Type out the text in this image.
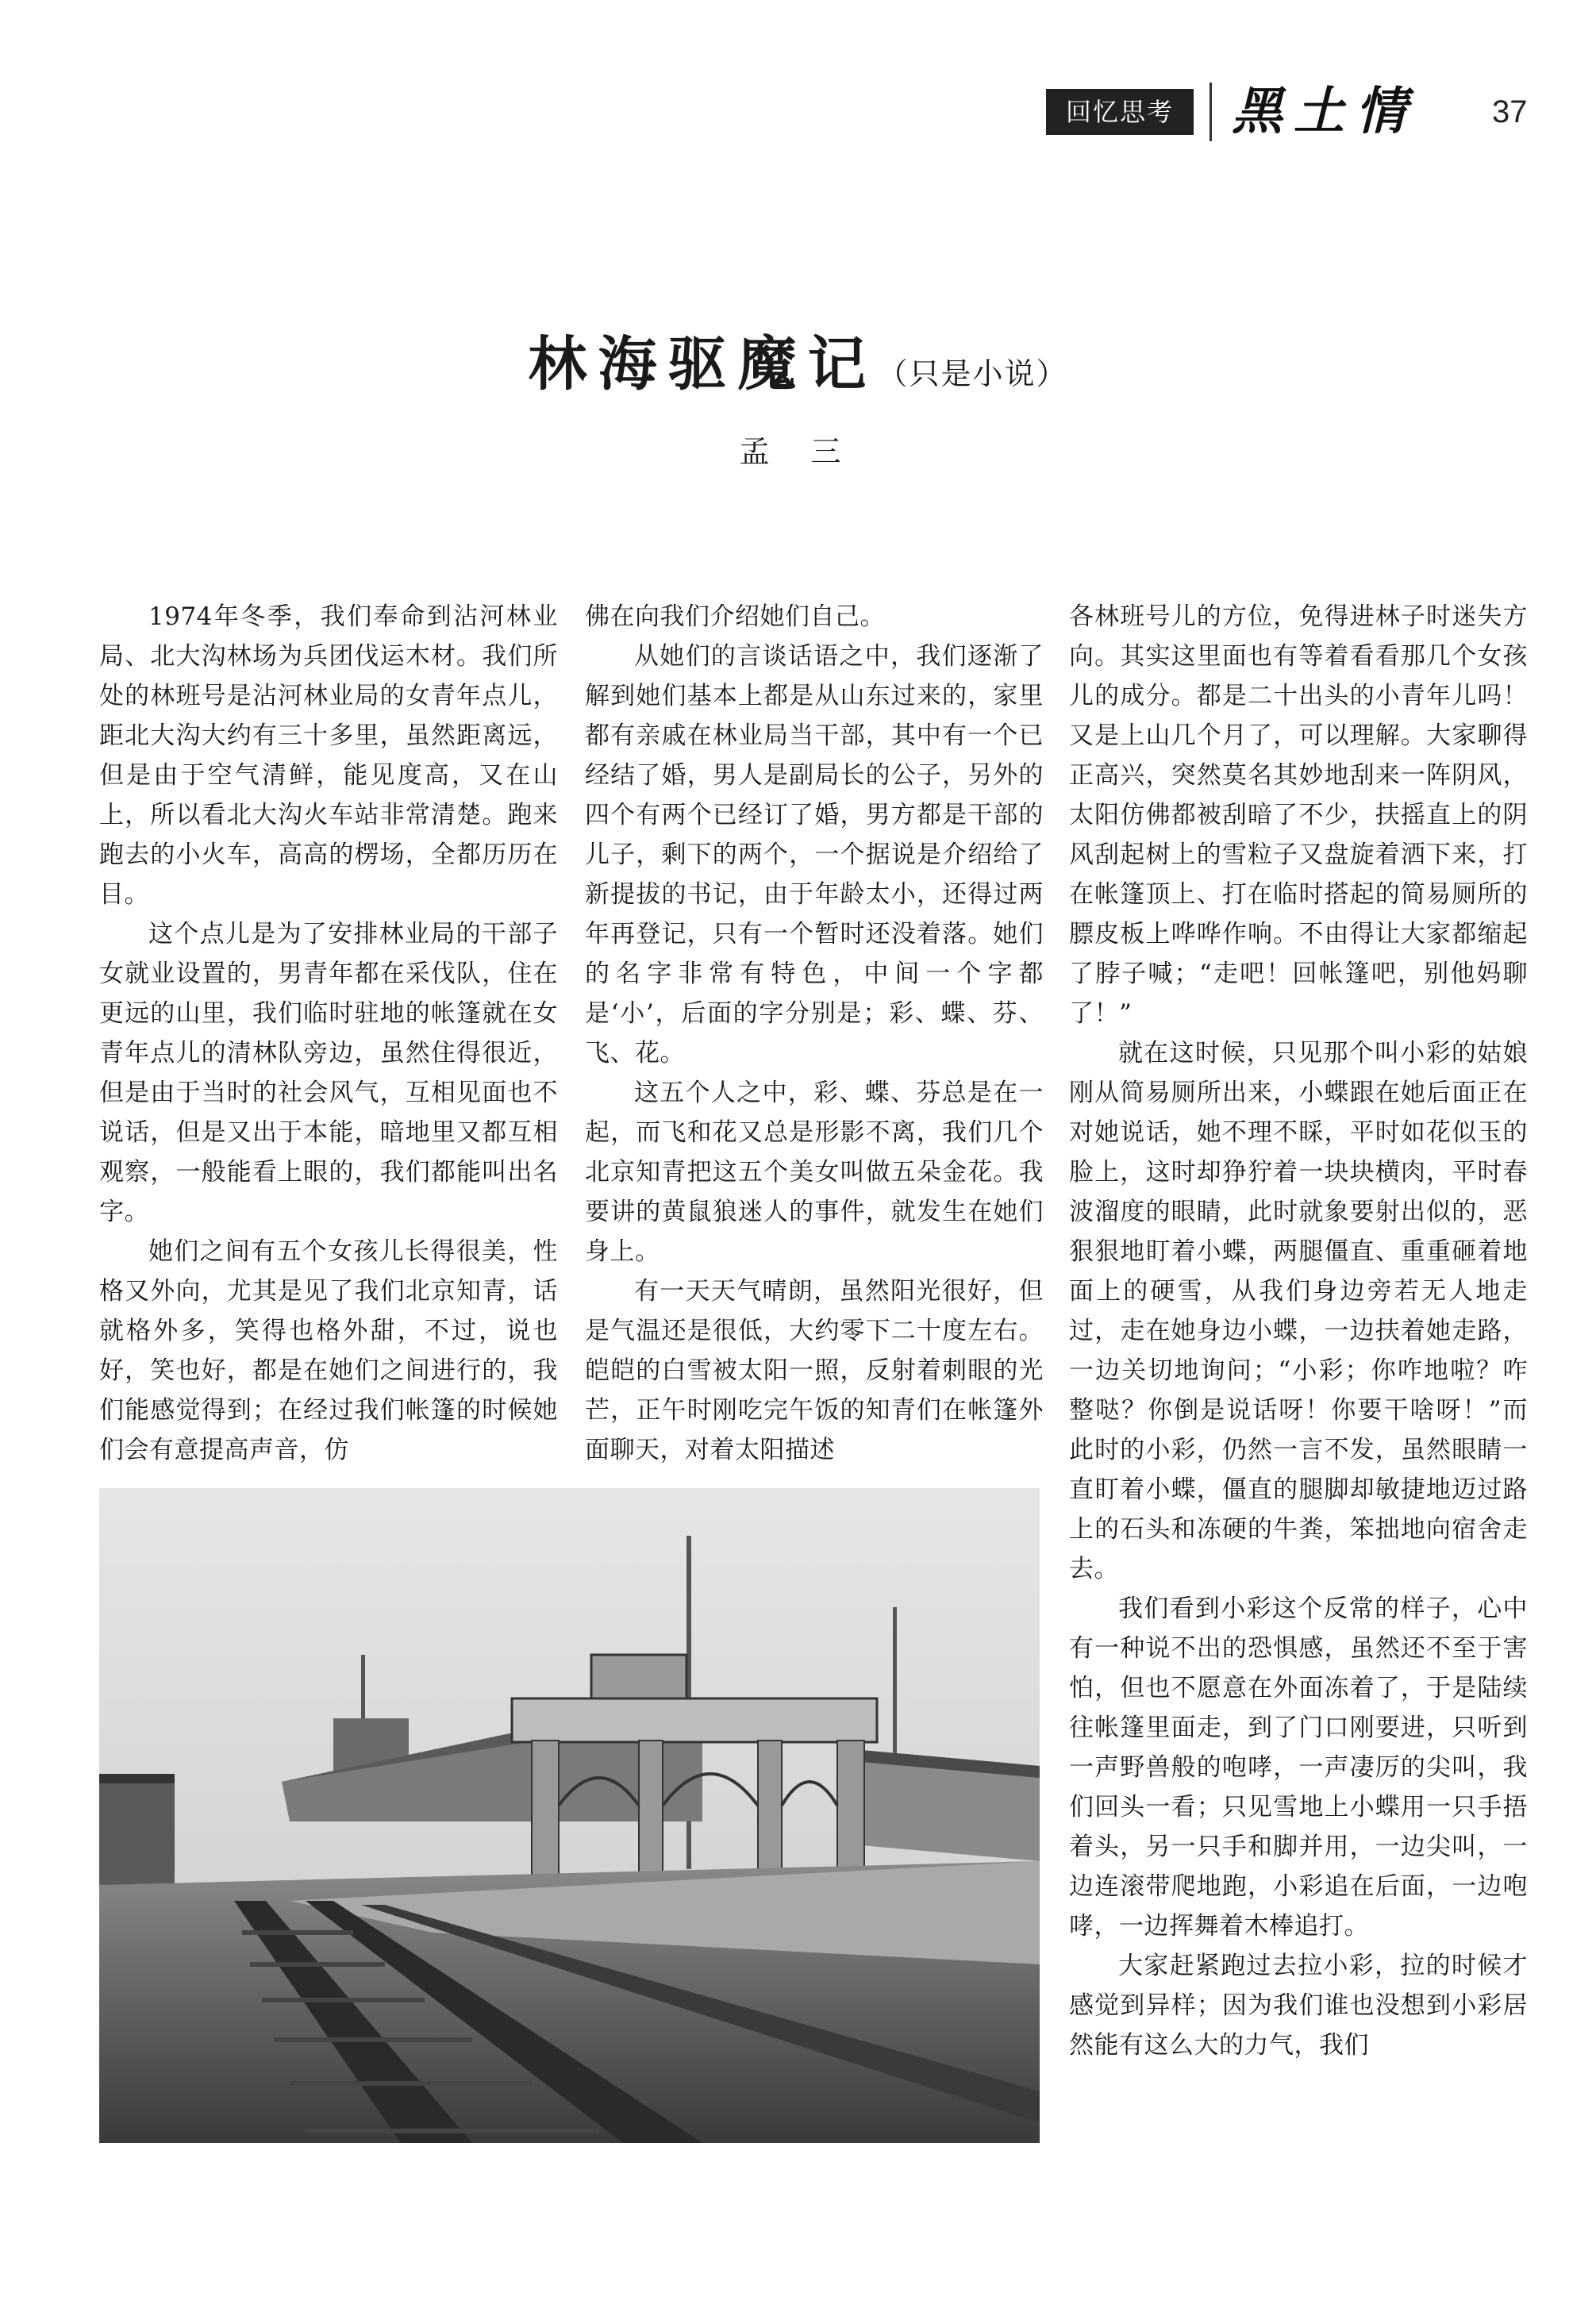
回忆思考	黑土情 37
林海驱魔记（只是小说）
孟 三

1974年冬季，我们奉命到沾河林业局、北大沟林场为兵团伐运木材。我们所处的林班号是沾河林业局的女青年点儿，距北大沟大约有三十多里，虽然距离远，但是由于空气清鲜，能见度高，又在山上，所以看北大沟火车站非常清楚。跑来跑去的小火车，高高的楞场，全都历历在目。

这个点儿是为了安排林业局的干部子女就业设置的，男青年都在采伐队，住在更远的山里，我们临时驻地的帐篷就在女青年点儿的清林队旁边，虽然住得很近，但是由于当时的社会风气，互相见面也不说话，但是又出于本能，暗地里又都互相观察，一般能看上眼的，我们都能叫出名字。

她们之间有五个女孩儿长得很美，性格又外向，尤其是见了我们北京知青，话就格外多，笑得也格外甜，不过，说也好，笑也好，都是在她们之间进行的，我们能感觉得到；在经过我们帐篷的时候她们会有意提高声音，仿

佛在向我们介绍她们自己。

从她们的言谈话语之中，我们逐渐了解到她们基本上都是从山东过来的，家里都有亲戚在林业局当干部，其中有一个已经结了婚，男人是副局长的公子，另外的四个有两个已经订了婚，男方都是干部的儿子，剩下的两个，一个据说是介绍给了新提拔的书记，由于年龄太小，还得过两年再登记，只有一个暂时还没着落。她们的名字非常有特色，中间一个字都是‘小’，后面的字分别是；彩、蝶、芬、飞、花。

这五个人之中，彩、蝶、芬总是在一起，而飞和花又总是形影不离，我们几个北京知青把这五个美女叫做五朵金花。我要讲的黄鼠狼迷人的事件，就发生在她们身上。

有一天天气晴朗，虽然阳光很好，但是气温还是很低，大约零下二十度左右。皑皑的白雪被太阳一照，反射着刺眼的光芒，正午时刚吃完午饭的知青们在帐篷外面聊天，对着太阳描述

各林班号儿的方位，免得进林子时迷失方向。其实这里面也有等着看看那几个女孩儿的成分。都是二十出头的小青年儿吗！又是上山几个月了，可以理解。大家聊得正高兴，突然莫名其妙地刮来一阵阴风，太阳仿佛都被刮暗了不少，扶摇直上的阴风刮起树上的雪粒子又盘旋着洒下来，打在帐篷顶上、打在临时搭起的简易厕所的膘皮板上哗哗作响。不由得让大家都缩起了脖子喊；“走吧！回帐篷吧，别他妈聊了！”

就在这时候，只见那个叫小彩的姑娘刚从简易厕所出来，小蝶跟在她后面正在对她说话，她不理不睬，平时如花似玉的脸上，这时却狰狞着一块块横肉，平时春波溜度的眼睛，此时就象要射出似的，恶狠狠地盯着小蝶，两腿僵直、重重砸着地面上的硬雪，从我们身边旁若无人地走过，走在她身边小蝶，一边扶着她走路，一边关切地询问；“小彩；你咋地啦？咋整哒？你倒是说话呀！你要干啥呀！”而此时的小彩，仍然一言不发，虽然眼睛一直盯着小蝶，僵直的腿脚却敏捷地迈过路上的石头和冻硬的牛粪，笨拙地向宿舍走去。

我们看到小彩这个反常的样子，心中有一种说不出的恐惧感，虽然还不至于害怕，但也不愿意在外面冻着了，于是陆续往帐篷里面走，到了门口刚要进，只听到一声野兽般的咆哮，一声凄厉的尖叫，我们回头一看；只见雪地上小蝶用一只手捂着头，另一只手和脚并用，一边尖叫，一边连滚带爬地跑，小彩追在后面，一边咆哮，一边挥舞着木棒追打。

大家赶紧跑过去拉小彩，拉的时候才感觉到异样；因为我们谁也没想到小彩居然能有这么大的力气，我们
